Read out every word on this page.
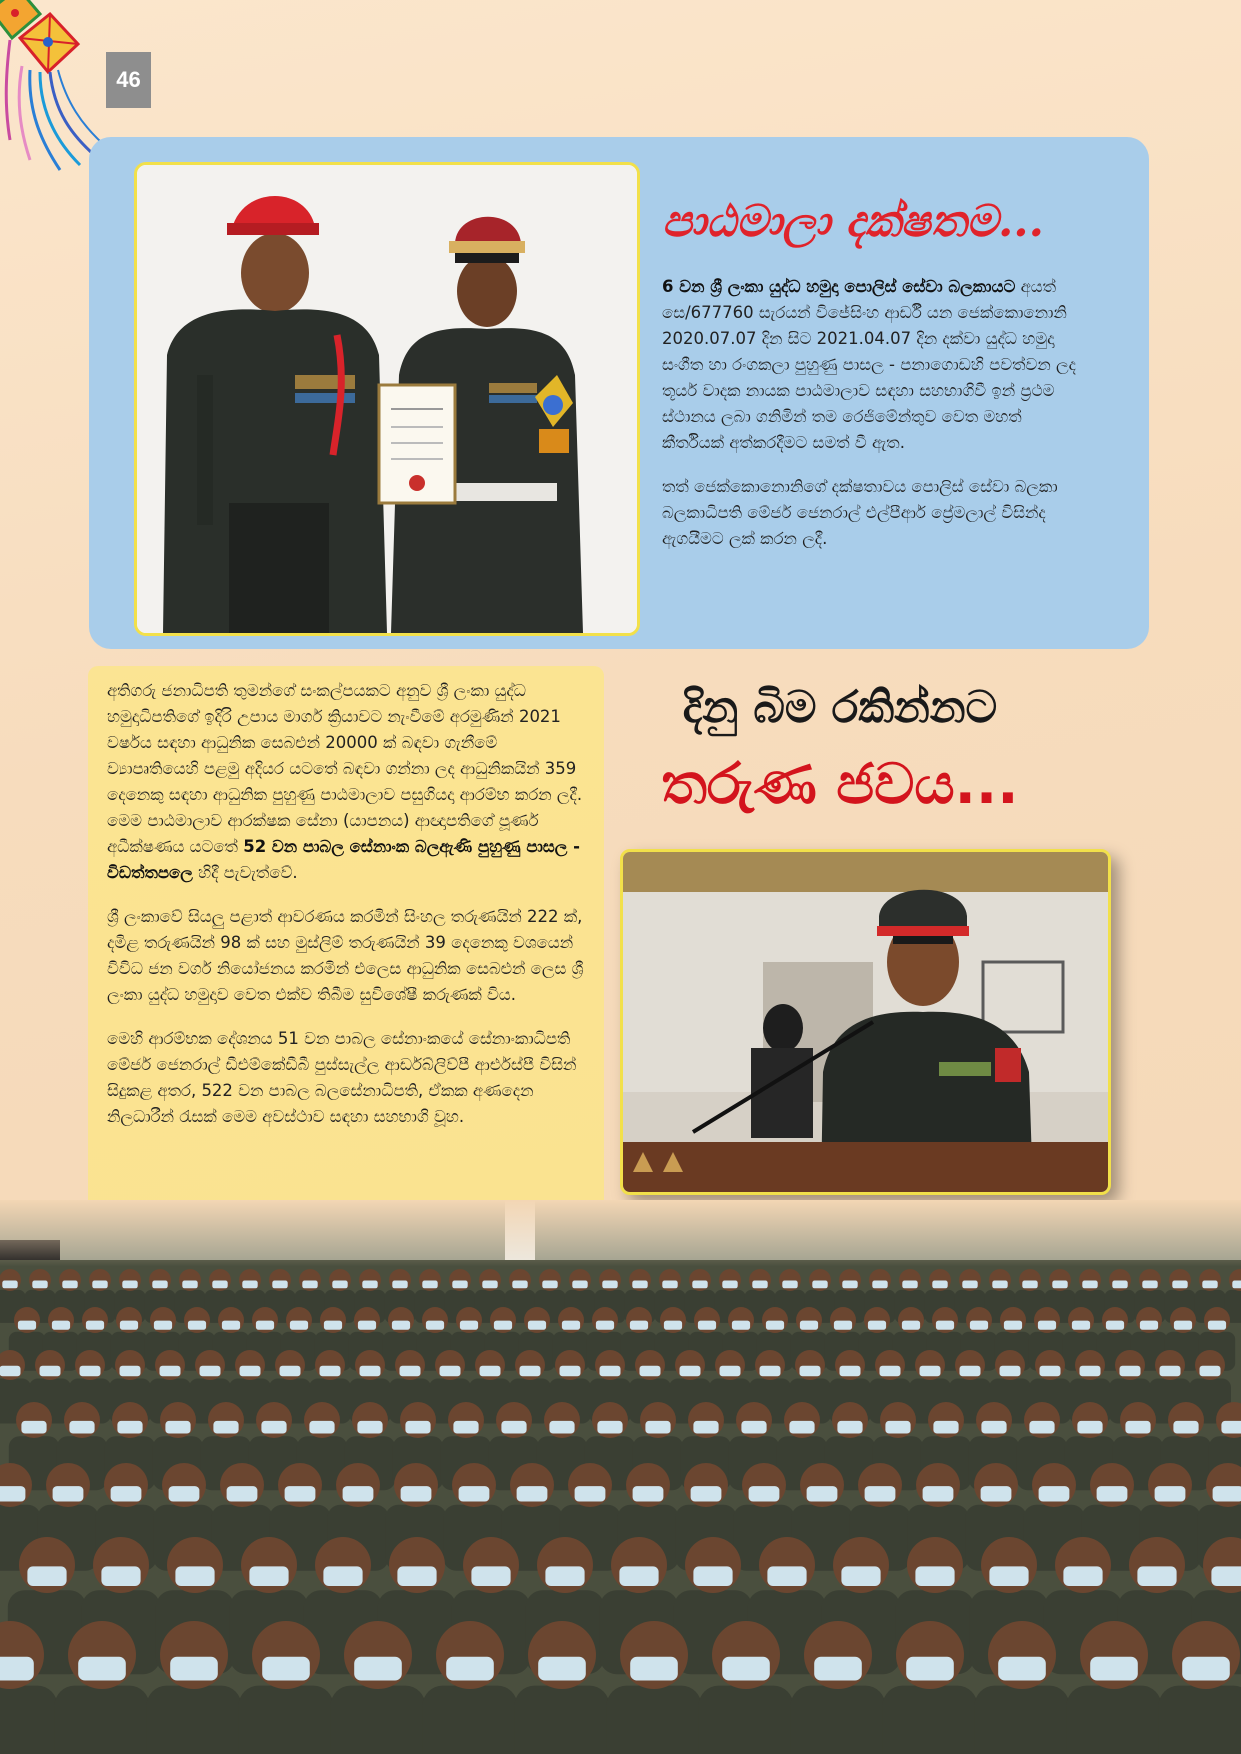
46
පාඨමාලා දක්ෂතම...

6 වන ශ්‍රී ලංකා යුද්ධ හමුදා පොලිස් සේවා බලකායට අයත් සෙ/677760 සැරයන් විජේසිංහ ආර්ඩී යන ජෙක්‍කොනොනි 2020.07.07 දින සිට 2021.04.07 දින දක්වා යුද්ධ හමුදා සංගීත හා රංගකලා පුහුණු පාසල - පනාගොඩහි පවත්වන ලද තූර්ය වාදක නායක පාඨමාලාව සඳහා සහභාගිවී ඉන් ප්‍රථම ස්ථානය ලබා ගනිමින් තම රෙජිමේන්තුව වෙත මහත් කීර්තියක් අත්කරදීමට සමත් වී ඇත.

තත් ජෙක්‍කොනොනිගේ දක්ෂතාවය පොලිස් සේවා බලකා බලකාධිපති මේජර් ජෙනරාල් එල්පීආර් ප්‍රේමලාල් විසින්ද ඇගයීමට ලක් කරන ලදී.

අතිගරු ජනාධිපති තුමන්ගේ සංකල්පයකට අනුව ශ්‍රී ලංකා යුද්ධ හමුදාධිපතිගේ ඉදිරි උපාය මාර්ග ක්‍රියාවට නැංවීමේ අරමුණින් 2021 වර්ෂය සඳහා ආධුනික සෙබළුන් 20000 ක් බඳවා ගැනීමේ ව්‍යාපෘතියෙහි පළමු අදියර යටතේ බඳවා ගන්නා ලද ආධුනිකයින් 359 දෙනෙකු සඳහා ආධුනික පුහුණු පාඨමාලාව පසුගියදා ආරම්භ කරන ලදී. මෙම පාඨමාලාව ආරක්ෂක සේනා (යාපනය) ආඥාපතිගේ පූර්ණ අධීක්ෂණය යටතේ 52 වන පාබල සේනාංක බලඇණි පුහුණු පාසල - විඩත්තපලෙ හිදී පැවැත්වේ.

ශ්‍රී ලංකාවේ සියලු පළාත් ආවරණය කරමින් සිංහල තරුණයින් 222 ක්, දමිළ තරුණයින් 98 ක් සහ මුස්ලිම් තරුණයින් 39 දෙනෙකු වශයෙන් විවිධ ජන වර්ග නියෝජනය කරමින් එලෙස ආධුනික සෙබළුන් ලෙස ශ්‍රී ලංකා යුද්ධ හමුදාව වෙත එක්ව තිබීම සුවිශේෂී කරුණක් විය.

මෙහි ආරම්භක දේශනය 51 වන පාබල සේනාංකයේ සේනාංකාධිපති මේජර් ජෙනරාල් ඩීඑම්කේඩීබී පුස්සැල්ල ආර්ඩබ්ලිව්පී ආර්එස්පී විසින් සිදුකළ අතර, 522 වන පාබල බලසේනාධිපති, ඒකක අණදෙන නිලධාරීන් රැසක් මෙම අවස්ථාව සඳහා සහභාගි වූහ.

දිනු බිම රකින්නට
තරුණ ජවය...
